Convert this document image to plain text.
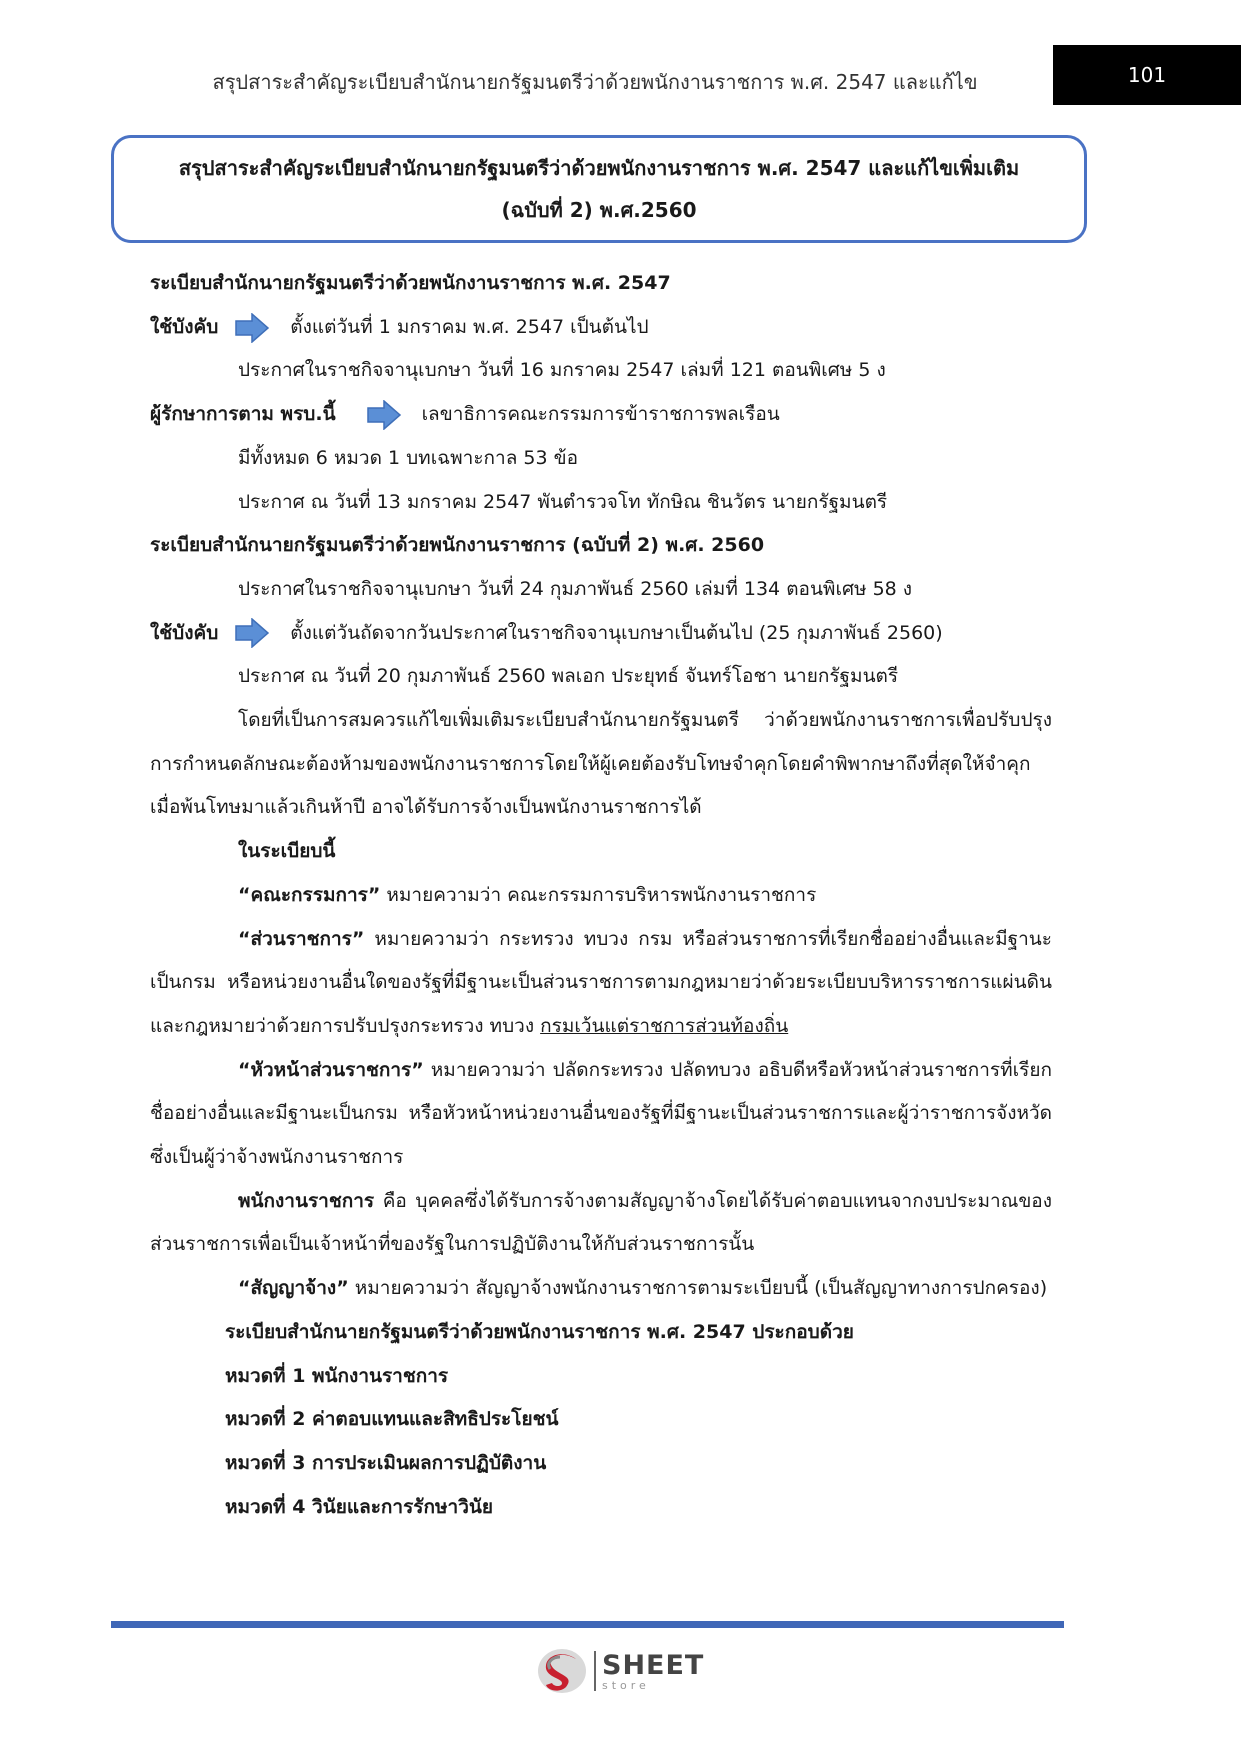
สรุปสาระสำคัญระเบียบสำนักนายกรัฐมนตรีว่าด้วยพนักงานราชการ พ.ศ. 2547 และแก้ไข	101
สรุปสาระสำคัญระเบียบสำนักนายกรัฐมนตรีว่าด้วยพนักงานราชการ พ.ศ. 2547 และแก้ไขเพิ่มเติม
(ฉบับที่ 2) พ.ศ.2560

ระเบียบสำนักนายกรัฐมนตรีว่าด้วยพนักงานราชการ พ.ศ. 2547

ใช้บังคับ	ตั้งแต่วันที่ 1 มกราคม พ.ศ. 2547 เป็นต้นไป

ประกาศในราชกิจจานุเบกษา วันที่ 16 มกราคม 2547 เล่มที่ 121 ตอนพิเศษ 5 ง

ผู้รักษาการตาม พรบ.นี้	เลขาธิการคณะกรรมการข้าราชการพลเรือน

มีทั้งหมด 6 หมวด 1 บทเฉพาะกาล 53 ข้อ

ประกาศ ณ วันที่ 13 มกราคม 2547 พันตำรวจโท ทักษิณ ชินวัตร นายกรัฐมนตรี

ระเบียบสำนักนายกรัฐมนตรีว่าด้วยพนักงานราชการ (ฉบับที่ 2) พ.ศ. 2560

ประกาศในราชกิจจานุเบกษา วันที่ 24 กุมภาพันธ์ 2560 เล่มที่ 134 ตอนพิเศษ 58 ง

ใช้บังคับ	ตั้งแต่วันถัดจากวันประกาศในราชกิจจานุเบกษาเป็นต้นไป (25 กุมภาพันธ์ 2560)

ประกาศ ณ วันที่ 20 กุมภาพันธ์ 2560 พลเอก ประยุทธ์ จันทร์โอชา นายกรัฐมนตรี

โดยที่เป็นการสมควรแก้ไขเพิ่มเติมระเบียบสำนักนายกรัฐมนตรี ว่าด้วยพนักงานราชการเพื่อปรับปรุงการกำหนดลักษณะต้องห้ามของพนักงานราชการโดยให้ผู้เคยต้องรับโทษจำคุกโดยคำพิพากษาถึงที่สุดให้จำคุกเมื่อพ้นโทษมาแล้วเกินห้าปี อาจได้รับการจ้างเป็นพนักงานราชการได้

ในระเบียบนี้

“คณะกรรมการ” หมายความว่า คณะกรรมการบริหารพนักงานราชการ

“ส่วนราชการ” หมายความว่า กระทรวง ทบวง กรม หรือส่วนราชการที่เรียกชื่ออย่างอื่นและมีฐานะเป็นกรม หรือหน่วยงานอื่นใดของรัฐที่มีฐานะเป็นส่วนราชการตามกฎหมายว่าด้วยระเบียบบริหารราชการแผ่นดินและกฎหมายว่าด้วยการปรับปรุงกระทรวง ทบวง กรมเว้นแต่ราชการส่วนท้องถิ่น

“หัวหน้าส่วนราชการ” หมายความว่า ปลัดกระทรวง ปลัดทบวง อธิบดีหรือหัวหน้าส่วนราชการที่เรียกชื่ออย่างอื่นและมีฐานะเป็นกรม หรือหัวหน้าหน่วยงานอื่นของรัฐที่มีฐานะเป็นส่วนราชการและผู้ว่าราชการจังหวัด ซึ่งเป็นผู้ว่าจ้างพนักงานราชการ

พนักงานราชการ คือ บุคคลซึ่งได้รับการจ้างตามสัญญาจ้างโดยได้รับค่าตอบแทนจากงบประมาณของส่วนราชการเพื่อเป็นเจ้าหน้าที่ของรัฐในการปฏิบัติงานให้กับส่วนราชการนั้น

“สัญญาจ้าง” หมายความว่า สัญญาจ้างพนักงานราชการตามระเบียบนี้ (เป็นสัญญาทางการปกครอง)

ระเบียบสำนักนายกรัฐมนตรีว่าด้วยพนักงานราชการ พ.ศ. 2547 ประกอบด้วย

หมวดที่ 1 พนักงานราชการ

หมวดที่ 2 ค่าตอบแทนและสิทธิประโยชน์

หมวดที่ 3 การประเมินผลการปฏิบัติงาน

หมวดที่ 4 วินัยและการรักษาวินัย

SHEET
store
